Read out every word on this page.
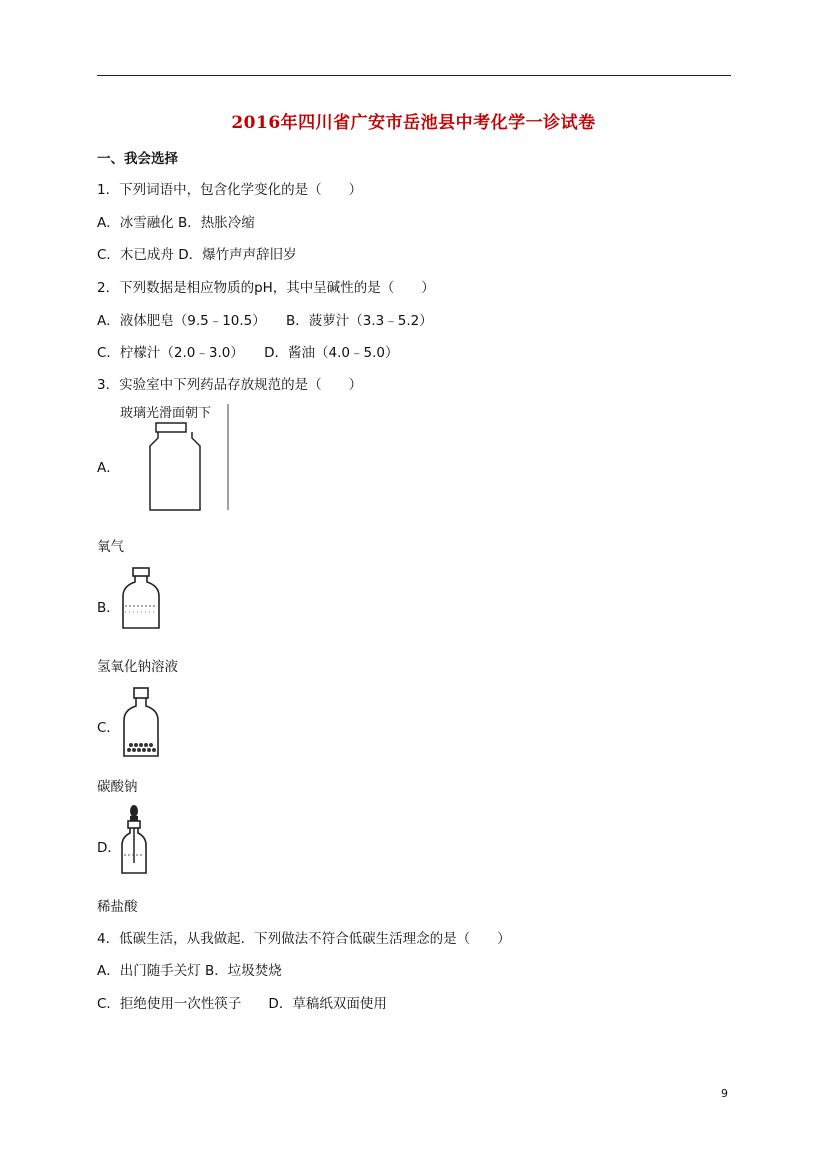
2016年四川省广安市岳池县中考化学一诊试卷
一、我会选择
1．下列词语中，包含化学变化的是（　　）
A．冰雪融化 B．热胀冷缩
C．木已成舟 D．爆竹声声辞旧岁
2．下列数据是相应物质的pH，其中呈碱性的是（　　）
A．液体肥皂（9.5﹣10.5）　　B．菠萝汁（3.3﹣5.2）
C．柠檬汁（2.0﹣3.0）　　D．酱油（4.0﹣5.0）
3．实验室中下列药品存放规范的是（　　）
A．
玻璃光滑面朝下
氧气
B．
氢氧化钠溶液
C．
碳酸钠
D．
稀盐酸
4．低碳生活，从我做起．下列做法不符合低碳生活理念的是（　　）
A．出门随手关灯 B．垃圾焚烧
C．拒绝使用一次性筷子　　D．草稿纸双面使用
9
